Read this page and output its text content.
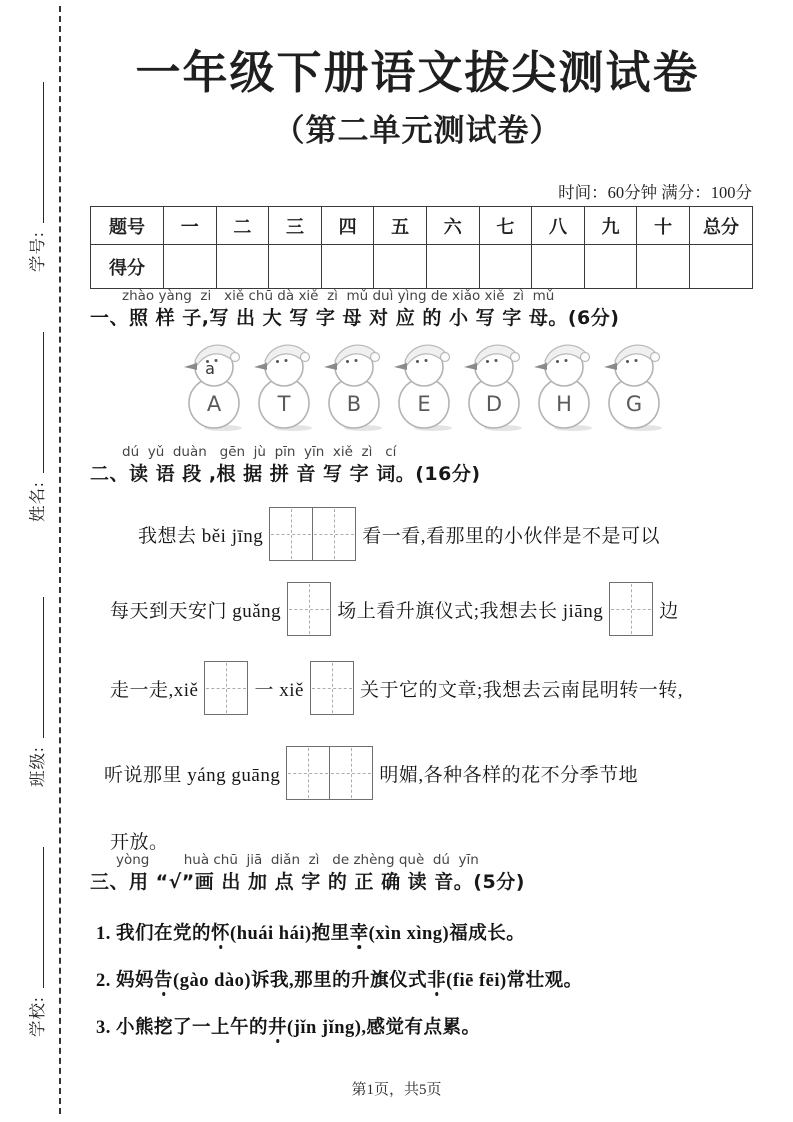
学号:
姓名:
班级:
学校:
一年级下册语文拔尖测试卷
（第二单元测试卷）
时间：60分钟 满分：100分
题号	一	二	三	四	五	六	七	八	九	十	总分
得分											
zhào yàng  zi   xiě chū dà xiě  zì  mǔ duì yìng de xiǎo xiě  zì  mǔ
一、照 样 子,写 出 大 写 字 母 对 应 的 小 写 字 母。(6分)
A
a
T	B	E	D	H	G
dú  yǔ  duàn   gēn  jù  pīn  yīn  xiě  zì   cí
二、读 语 段 ,根 据 拼 音 写 字 词。(16分)
我想去 běi jīng	看一看,看那里的小伙伴是不是可以
每天到天安门 guǎng	场上看升旗仪式;我想去长 jiāng	边
走一走,xiě	一 xiě	关于它的文章;我想去云南昆明转一转,
听说那里 yáng guāng	明媚,各种各样的花不分季节地
开放。
yòng        huà chū  jiā  diǎn  zì   de zhèng què  dú  yīn
三、用 “√”画 出 加 点 字 的 正 确 读 音。(5分)
1. 我们在党的 怀 (huái hái)抱里 幸 (xìn xìng)福成长。
2. 妈妈 告 (gào dào)诉我,那里的升旗仪式 非 (fiē fēi)常壮观。
3. 小熊挖了一上午的 井 (jǐn jǐng),感觉有点累。
第1页，共5页
